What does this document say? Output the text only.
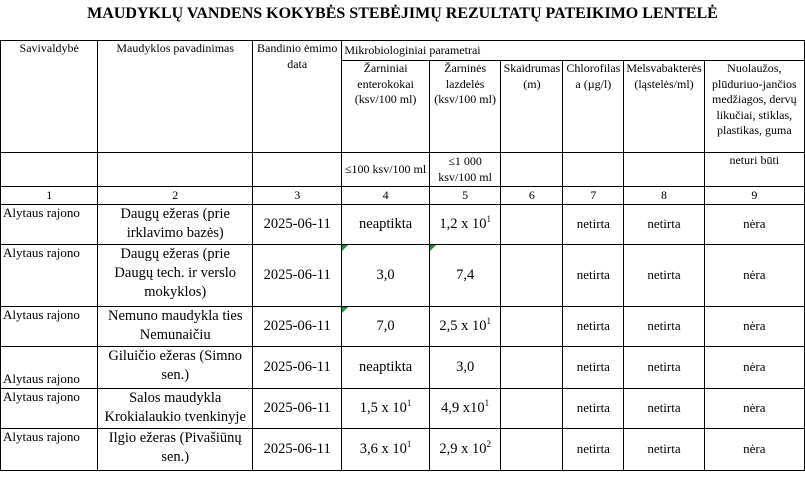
MAUDYKLŲ VANDENS KOKYBĖS STEBĖJIMŲ REZULTATŲ PATEIKIMO LENTELĖ
Savivaldybė	Maudyklos pavadinimas	Bandinio ėmimo data	Mikrobiologiniai parametrai					
			Žarniniai enterokokai (ksv/100 ml)	Žarninės lazdelės (ksv/100 ml)	Skaidrumas (m)	Chlorofilas a (µg/l)	Melsvabakterės (ląstelės/ml)	Nuolaužos, plūduriuo-jančios medžiagos, dervų likučiai, stiklas, plastikas, guma
			≤100 ksv/100 ml	≤1 000 ksv/100 ml				neturi būti
1	2	3	4	5	6	7	8	9
Alytaus rajono	Daugų ežeras (prie irklavimo bazės)	2025-06-11	neaptikta	1,2 x $10^1$		netirta	netirta	nėra
Alytaus rajono	Daugų ežeras (prie Daugų tech. ir verslo mokyklos)	2025-06-11	3,0	7,4		netirta	netirta	nėra
Alytaus rajono	Nemuno maudykla ties Nemunaičiu	2025-06-11	7,0	2,5 x $10^1$		netirta	netirta	nėra
Alytaus rajono	Giluičio ežeras (Simno sen.)	2025-06-11	neaptikta	3,0		netirta	netirta	nėra
Alytaus rajono	Salos maudykla Krokialaukio tvenkinyje	2025-06-11	1,5 x $10^1$	4,9 $x10^1$		netirta	netirta	nėra
Alytaus rajono	Ilgio ežeras (Pivašiūnų sen.)	2025-06-11	3,6 x $10^1$	2,9 x $10^2$		netirta	netirta	nėra
